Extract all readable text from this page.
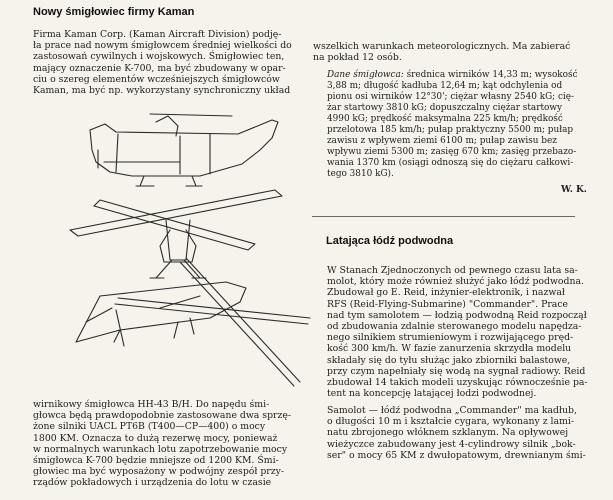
Nowy śmigłowiec firmy Kaman
Firma Kaman Corp. (Kaman Aircraft Division) podję-
ła prace nad nowym śmigłowcem średniej wielkości do
zastosowań cywilnych i wojskowych. Śmigłowiec ten,
mający oznaczenie K-700, ma być zbudowany w opar-
ciu o szereg elementów wcześniejszych śmigłowców
Kaman, ma być np. wykorzystany synchroniczny układ
wirnikowy śmigłowca HH-43 B/H. Do napędu śmi-
głowca będą prawdopodobnie zastosowane dwa sprzę-
żone silniki UACL PT6B (T400—CP—400) o mocy
1800 KM. Oznacza to dużą rezerwę mocy, ponieważ
w normalnych warunkach lotu zapotrzebowanie mocy
śmigłowca K-700 będzie mniejsze od 1200 KM. Śmi-
głowiec ma być wyposażony w podwójny zespół przy-
rządów pokładowych i urządzenia do lotu w czasie
wszelkich warunkach meteorologicznych. Ma zabierać
na pokład 12 osób.
Dane śmigłowca: średnica wirników 14,33 m; wysokość
3,88 m; długość kadłuba 12,64 m; kąt odchylenia od
pionu osi wirników 12°30'; ciężar własny 2540 kG; cię-
żar startowy 3810 kG; dopuszczalny ciężar startowy
4990 kG; prędkość maksymalna 225 km/h; prędkość
przelotowa 185 km/h; pułap praktyczny 5500 m; pułap
zawisu z wpływem ziemi 6100 m; pułap zawisu bez
wpływu ziemi 5300 m; zasięg 670 km; zasięg przebazo-
wania 1370 km (osiągi odnoszą się do ciężaru całkowi-
tego 3810 kG).
W. K.
Latająca łódź podwodna
W Stanach Zjednoczonych od pewnego czasu lata sa-
molot, który może również służyć jako łódź podwodna.
Zbudował go E. Reid, inżynier-elektronik, i nazwał
RFS (Reid-Flying-Submarine) "Commander". Prace
nad tym samolotem — łodzią podwodną Reid rozpoczął
od zbudowania zdalnie sterowanego modelu napędza-
nego silnikiem strumieniowym i rozwijającego pręd-
kość 300 km/h. W fazie zanurzenia skrzydła modelu
składały się do tyłu służąc jako zbiorniki balastowe,
przy czym napełniały się wodą na sygnał radiowy. Reid
zbudował 14 takich modeli uzyskując równocześnie pa-
tent na koncepcję latającej łodzi podwodnej.
Samolot — łódź podwodna „Commander" ma kadłub,
o długości 10 m i kształcie cygara, wykonany z lami-
natu zbrojonego włóknem szklanym. Na opływowej
wieżyczce zabudowany jest 4-cylindrowy silnik „bok-
ser" o mocy 65 KM z dwułopatowym, drewnianym śmi-
